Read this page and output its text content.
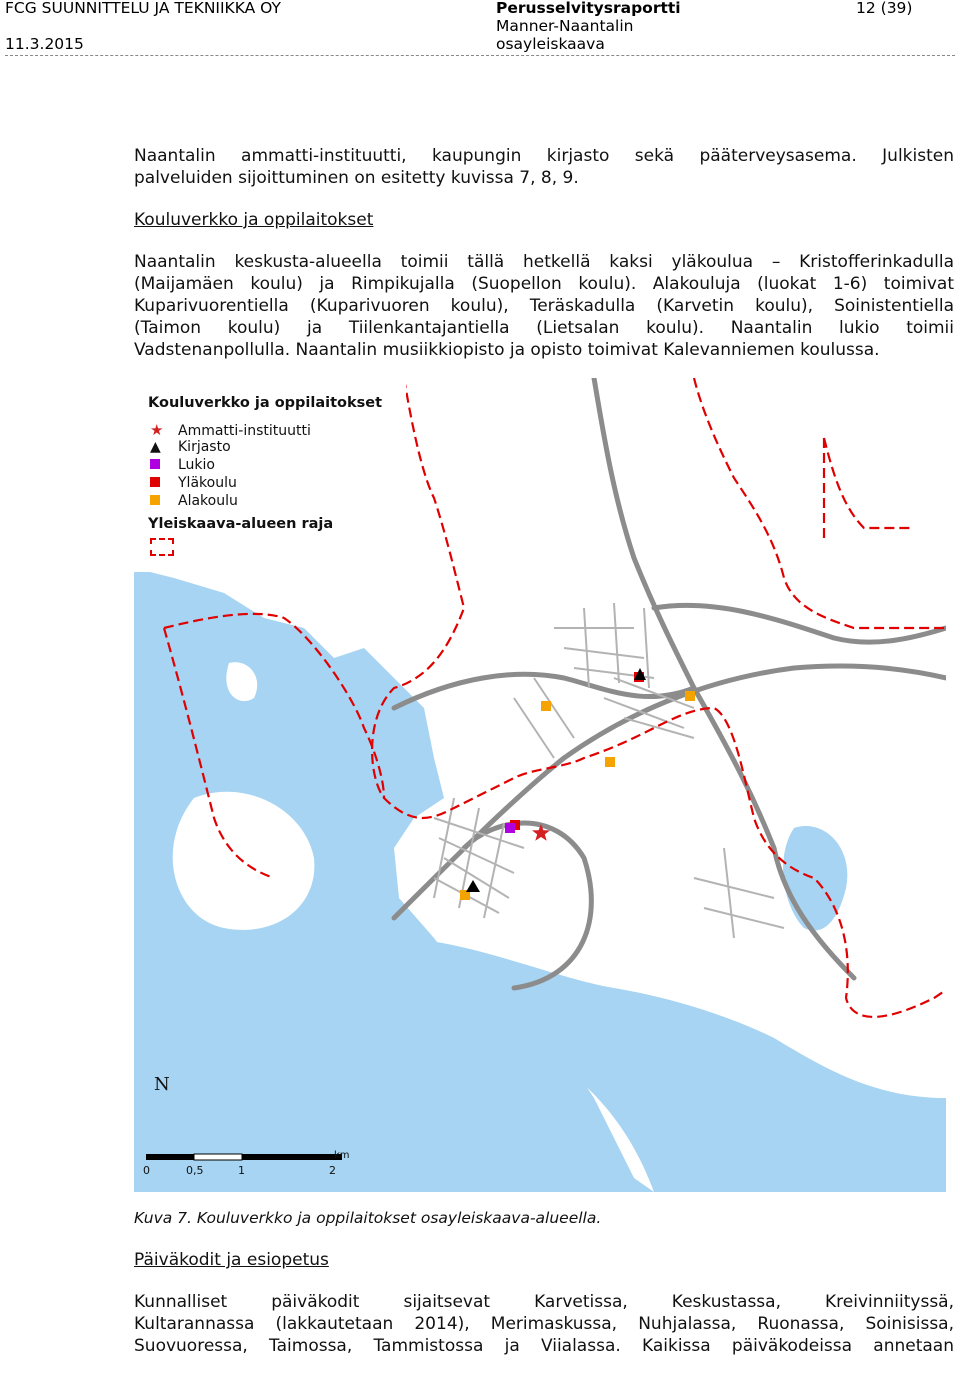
FCG SUUNNITTELU JA TEKNIIKKA OY
11.3.2015
Perusselvitysraportti
Manner-Naantalin
osayleiskaava
12 (39)
Naantalin ammatti-instituutti, kaupungin kirjasto sekä pääterveysasema. Julkisten
palveluiden sijoittuminen on esitetty kuvissa 7, 8, 9.
Kouluverkko ja oppilaitokset
Naantalin keskusta-alueella toimii tällä hetkellä kaksi yläkoulua – Kristofferinkadulla
(Maijamäen koulu) ja Rimpikujalla (Suopellon koulu). Alakouluja (luokat 1-6) toimivat
Kuparivuorentiella (Kuparivuoren koulu), Teräskadulla (Karvetin koulu), Soinistentiella
(Taimon koulu) ja Tiilenkantajantiella (Lietsalan koulu). Naantalin lukio toimii
Vadstenanpollulla. Naantalin musiikkiopisto ja opisto toimivat Kalevanniemen koulussa.
Kouluverkko ja oppilaitokset
★ Ammatti-instituutti
▲ Kirjasto
Lukio
Yläkoulu
Alakoulu
Yleiskaava-alueen raja
N
km
0	0,5	1	2
Kuva 7. Kouluverkko ja oppilaitokset osayleiskaava-alueella.
Päiväkodit ja esiopetus
Kunnalliset päiväkodit sijaitsevat Karvetissa, Keskustassa, Kreivinniityssä,
Kultarannassa (lakkautetaan 2014), Merimaskussa, Nuhjalassa, Ruonassa, Soinisissa,
Suovuoressa, Taimossa, Tammistossa ja Viialassa. Kaikissa päiväkodeissa annetaan
